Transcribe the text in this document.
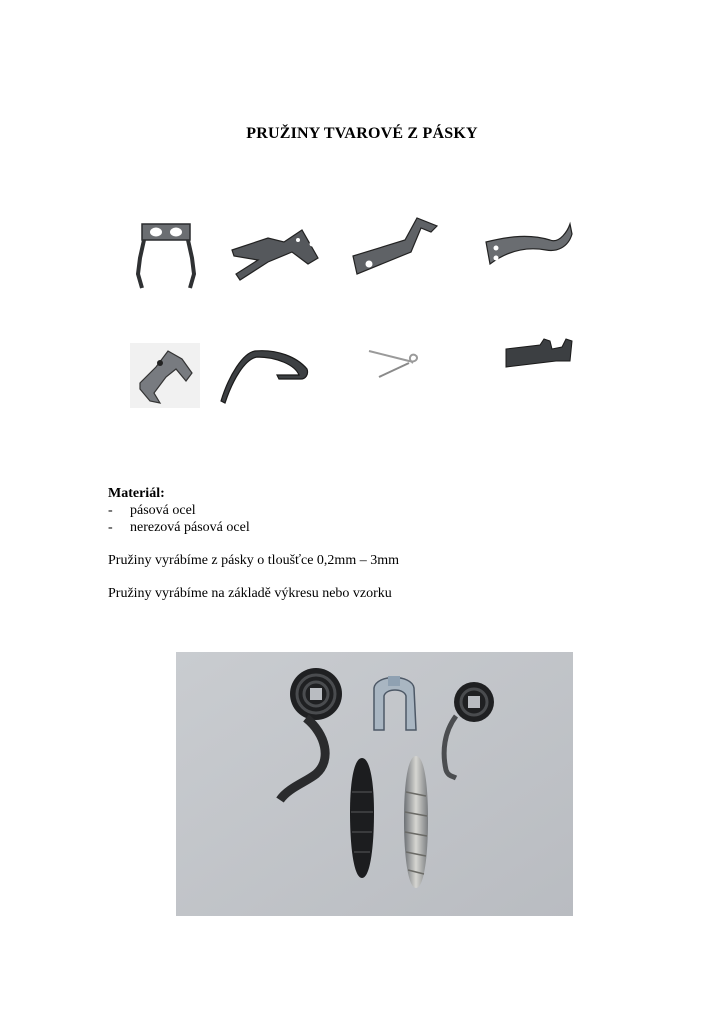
PRUŽINY TVAROVÉ Z PÁSKY
Materiál:
-	pásová ocel
-	nerezová pásová ocel
Pružiny vyrábíme z pásky o tloušťce 0,2mm – 3mm
Pružiny vyrábíme na základě výkresu nebo vzorku
